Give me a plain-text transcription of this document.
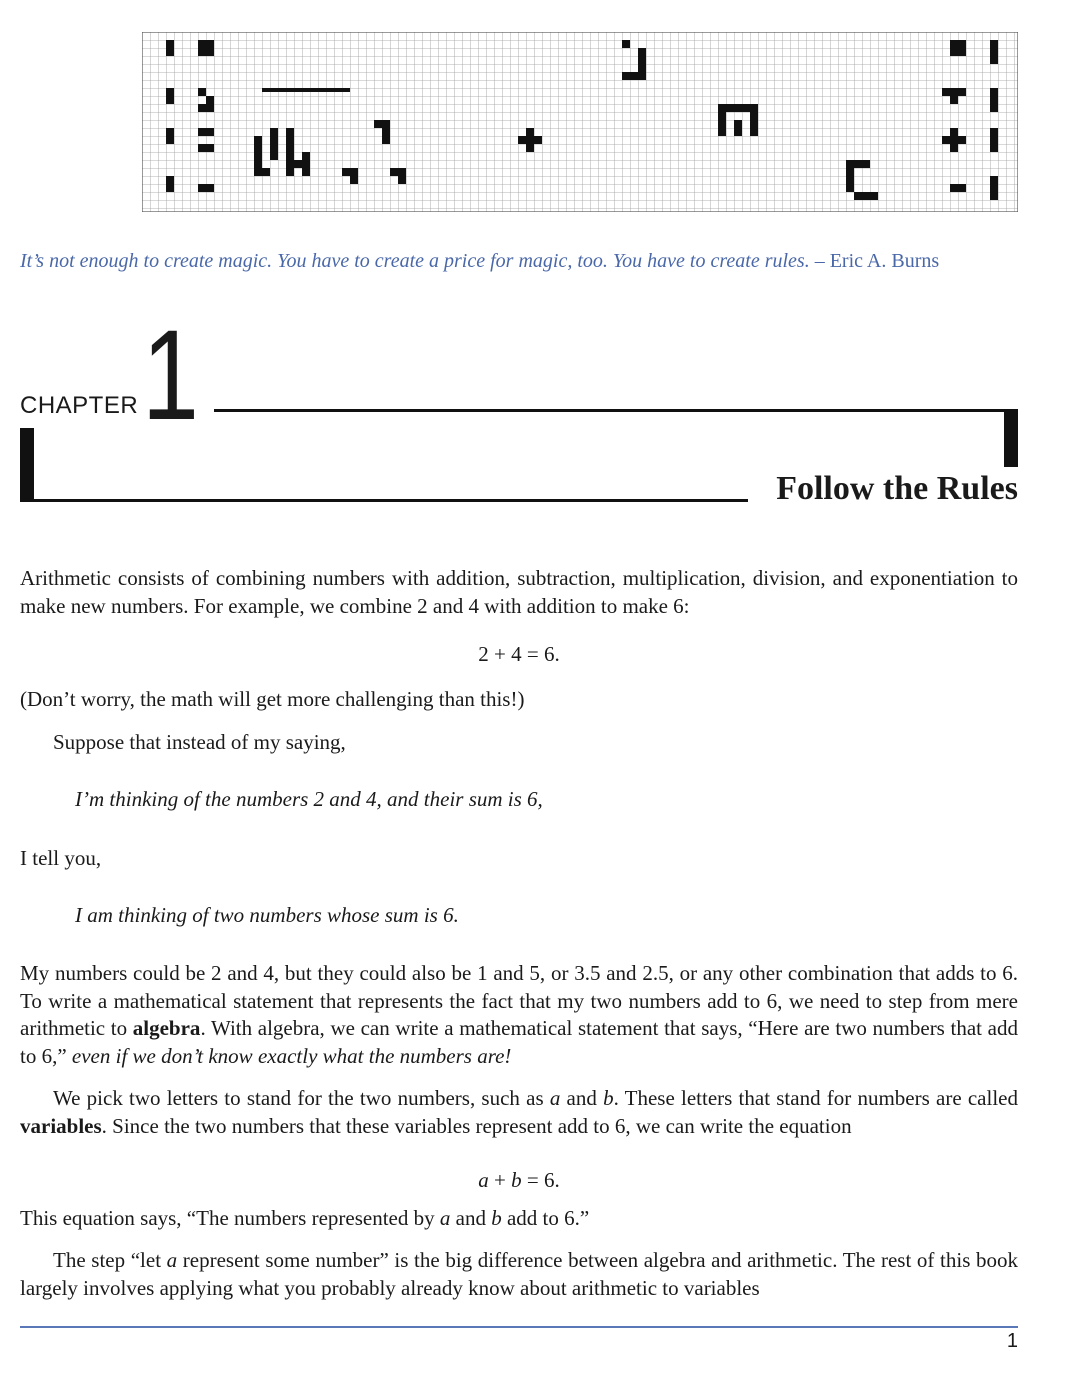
It’s not enough to create magic. You have to create a price for magic, too. You have to create rules. – Eric A. Burns
CHAPTER 1
Follow the Rules

Arithmetic consists of combining numbers with addition, subtraction, multiplication, division, and exponentiation to make new numbers. For example, we combine 2 and 4 with addition to make 6:

2 + 4 = 6.

(Don’t worry, the math will get more challenging than this!)

Suppose that instead of my saying,

I’m thinking of the numbers 2 and 4, and their sum is 6,

I tell you,

I am thinking of two numbers whose sum is 6.

My numbers could be 2 and 4, but they could also be 1 and 5, or 3.5 and 2.5, or any other combination that adds to 6. To write a mathematical statement that represents the fact that my two numbers add to 6, we need to step from mere arithmetic to algebra. With algebra, we can write a mathematical statement that says, “Here are two numbers that add to 6,” even if we don’t know exactly what the numbers are!

We pick two letters to stand for the two numbers, such as a and b. These letters that stand for numbers are called variables. Since the two numbers that these variables represent add to 6, we can write the equation

a + b = 6.

This equation says, “The numbers represented by a and b add to 6.”

The step “let a represent some number” is the big difference between algebra and arithmetic. The rest of this book largely involves applying what you probably already know about arithmetic to variables

1
